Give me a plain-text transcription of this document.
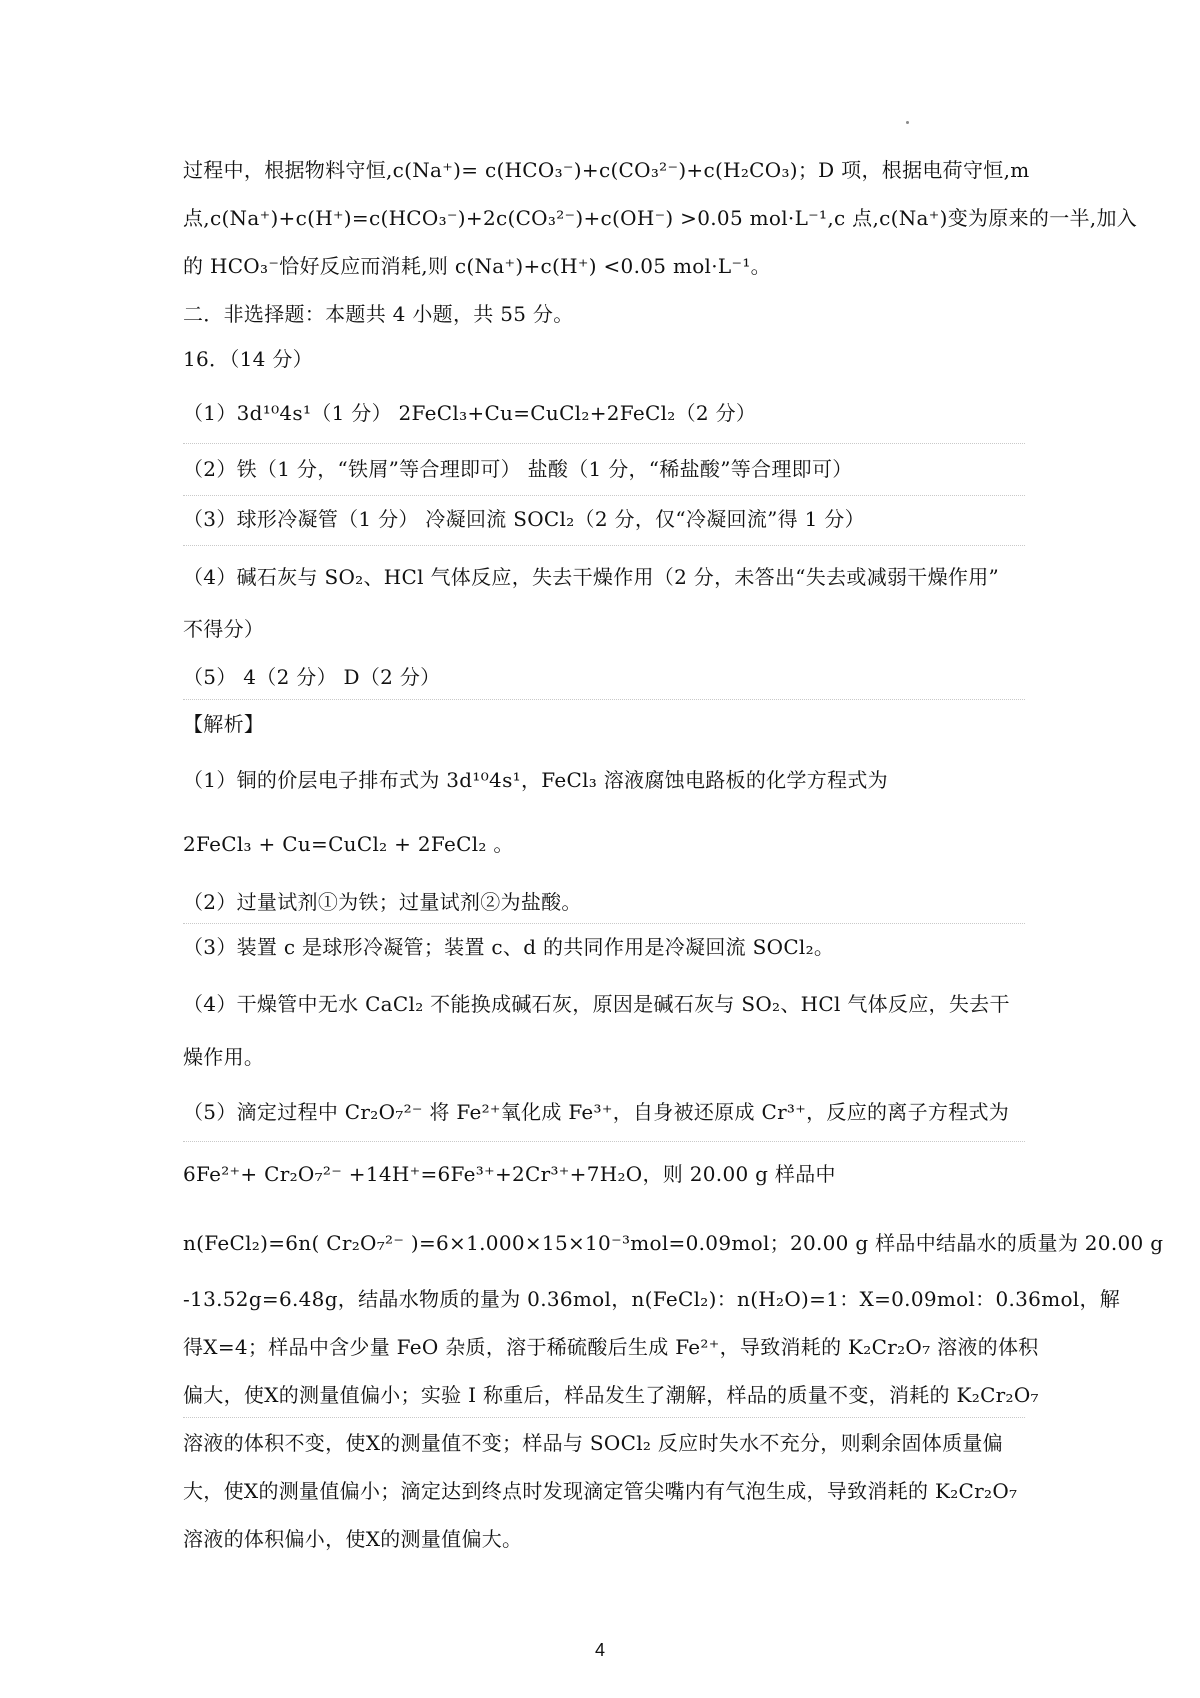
过程中，根据物料守恒,c(Na⁺)= c(HCO₃⁻)+c(CO₃²⁻)+c(H₂CO₃)；D 项，根据电荷守恒,m
点,c(Na⁺)+c(H⁺)=c(HCO₃⁻)+2c(CO₃²⁻)+c(OH⁻) >0.05 mol·L⁻¹,c 点,c(Na⁺)变为原来的一半,加入
的 HCO₃⁻恰好反应而消耗,则 c(Na⁺)+c(H⁺) <0.05 mol·L⁻¹。
二．非选择题：本题共 4 小题，共 55 分。
16．（14 分）
（1）3d¹⁰4s¹（1 分） 2FeCl₃+Cu=CuCl₂+2FeCl₂（2 分）
（2）铁（1 分，“铁屑”等合理即可） 盐酸（1 分，“稀盐酸”等合理即可）
（3）球形冷凝管（1 分） 冷凝回流 SOCl₂（2 分，仅“冷凝回流”得 1 分）
（4）碱石灰与 SO₂、HCl 气体反应，失去干燥作用（2 分，未答出“失去或减弱干燥作用”
不得分）
（5） 4（2 分） D（2 分）
【解析】
（1）铜的价层电子排布式为 3d¹⁰4s¹，FeCl₃ 溶液腐蚀电路板的化学方程式为
2FeCl₃ + Cu=CuCl₂ + 2FeCl₂ 。
（2）过量试剂①为铁；过量试剂②为盐酸。
（3）装置 c 是球形冷凝管；装置 c、d 的共同作用是冷凝回流 SOCl₂。
（4）干燥管中无水 CaCl₂ 不能换成碱石灰，原因是碱石灰与 SO₂、HCl 气体反应，失去干
燥作用。
（5）滴定过程中 Cr₂O₇²⁻ 将 Fe²⁺氧化成 Fe³⁺，自身被还原成 Cr³⁺，反应的离子方程式为
6Fe²⁺+ Cr₂O₇²⁻ +14H⁺=6Fe³⁺+2Cr³⁺+7H₂O，则 20.00 g 样品中
n(FeCl₂)=6n( Cr₂O₇²⁻ )=6×1.000×15×10⁻³mol=0.09mol；20.00 g 样品中结晶水的质量为 20.00 g
-13.52g=6.48g，结晶水物质的量为 0.36mol，n(FeCl₂)：n(H₂O)=1：X=0.09mol：0.36mol，解
得X=4；样品中含少量 FeO 杂质，溶于稀硫酸后生成 Fe²⁺，导致消耗的 K₂Cr₂O₇ 溶液的体积
偏大，使X的测量值偏小；实验 I 称重后，样品发生了潮解，样品的质量不变，消耗的 K₂Cr₂O₇
溶液的体积不变，使X的测量值不变；样品与 SOCl₂ 反应时失水不充分，则剩余固体质量偏
大，使X的测量值偏小；滴定达到终点时发现滴定管尖嘴内有气泡生成，导致消耗的 K₂Cr₂O₇
溶液的体积偏小，使X的测量值偏大。
4
